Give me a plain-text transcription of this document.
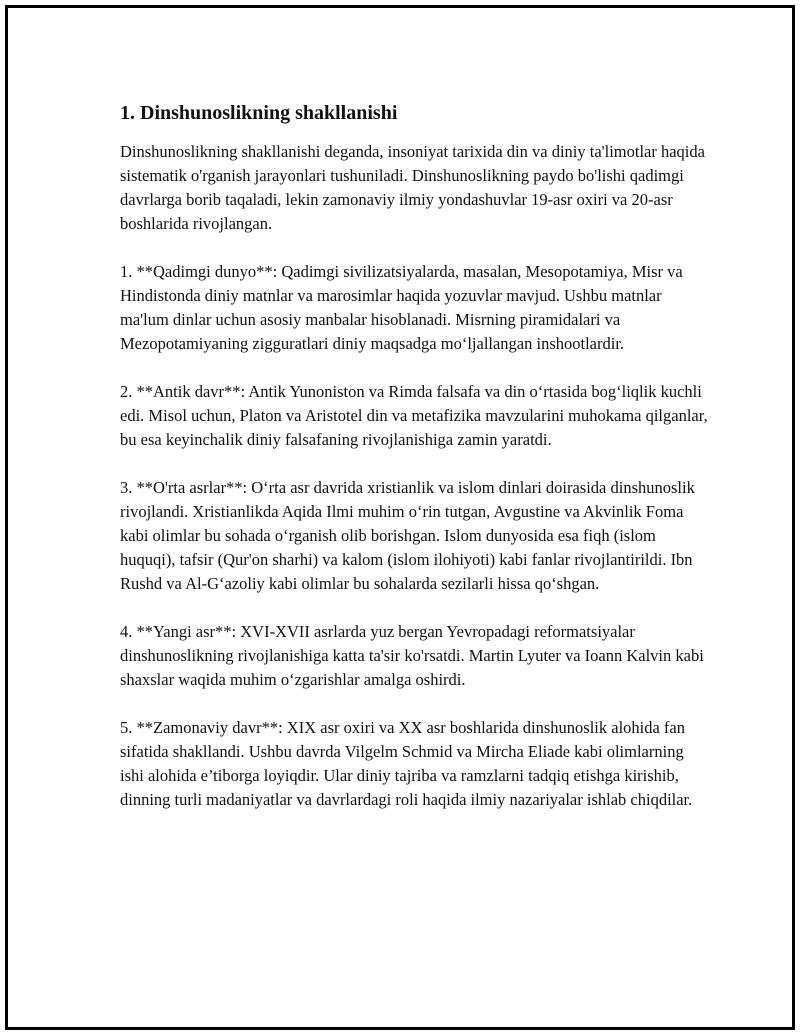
1. Dinshunoslikning shakllanishi

Dinshunoslikning shakllanishi deganda, insoniyat tarixida din va diniy ta'limotlar haqida sistematik o'rganish jarayonlari tushuniladi. Dinshunoslikning paydo bo'lishi qadimgi davrlarga borib taqaladi, lekin zamonaviy ilmiy yondashuvlar 19-asr oxiri va 20-asr boshlarida rivojlangan.

1. **Qadimgi dunyo**: Qadimgi sivilizatsiyalarda, masalan, Mesopotamiya, Misr va Hindistonda diniy matnlar va marosimlar haqida yozuvlar mavjud. Ushbu matnlar ma'lum dinlar uchun asosiy manbalar hisoblanadi. Misrning piramidalari va Mezopotamiyaning zigguratlari diniy maqsadga mo‘ljallangan inshootlardir.

2. **Antik davr**: Antik Yunoniston va Rimda falsafa va din o‘rtasida bog‘liqlik kuchli edi. Misol uchun, Platon va Aristotel din va metafizika mavzularini muhokama qilganlar, bu esa keyinchalik diniy falsafaning rivojlanishiga zamin yaratdi.

3. **O'rta asrlar**: O‘rta asr davrida xristianlik va islom dinlari doirasida dinshunoslik rivojlandi. Xristianlikda Aqida Ilmi muhim o‘rin tutgan, Avgustine va Akvinlik Foma kabi olimlar bu sohada o‘rganish olib borishgan. Islom dunyosida esa fiqh (islom huquqi), tafsir (Qur'on sharhi) va kalom (islom ilohiyoti) kabi fanlar rivojlantirildi. Ibn Rushd va Al-G‘azoliy kabi olimlar bu sohalarda sezilarli hissa qo‘shgan.

4. **Yangi asr**: XVI-XVII asrlarda yuz bergan Yevropadagi reformatsiyalar dinshunoslikning rivojlanishiga katta ta'sir ko'rsatdi. Martin Lyuter va Ioann Kalvin kabi shaxslar waqida muhim o‘zgarishlar amalga oshirdi.

5. **Zamonaviy davr**: XIX asr oxiri va XX asr boshlarida dinshunoslik alohida fan sifatida shakllandi. Ushbu davrda Vilgelm Schmid va Mircha Eliade kabi olimlarning ishi alohida e’tiborga loyiqdir. Ular diniy tajriba va ramzlarni tadqiq etishga kirishib, dinning turli madaniyatlar va davrlardagi roli haqida ilmiy nazariyalar ishlab chiqdilar.
